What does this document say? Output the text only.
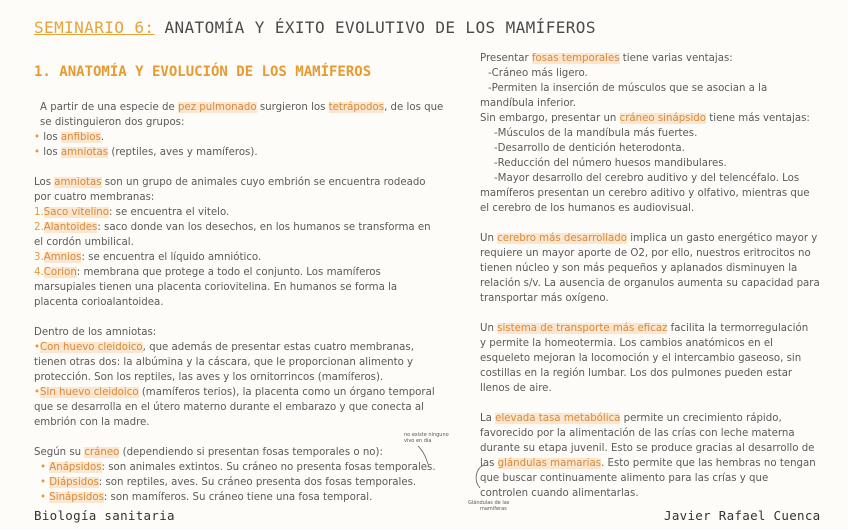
SEMINARIO 6: ANATOMÍA Y ÉXITO EVOLUTIVO DE LOS MAMÍFEROS
1. ANATOMÍA Y EVOLUCIÓN DE LOS MAMÍFEROS

A partir de una especie de pez pulmonado surgieron los tetrápodos, de los que

se distinguieron dos grupos:

• los anfibios.

• los amniotas (reptiles, aves y mamíferos).

Los amniotas son un grupo de animales cuyo embrión se encuentra rodeado

por cuatro membranas:

1.Saco vitelino: se encuentra el vitelo.

2.Alantoides: saco donde van los desechos, en los humanos se transforma en

el cordón umbilical.

3.Amnios: se encuentra el líquido amniótico.

4.Corion: membrana que protege a todo el conjunto. Los mamíferos

marsupiales tienen una placenta coriovitelina. En humanos se forma la

placenta corioalantoidea.

Dentro de los amniotas:

•Con huevo cleidoico, que además de presentar estas cuatro membranas,

tienen otras dos: la albúmina y la cáscara, que le proporcionan alimento y

protección. Son los reptiles, las aves y los ornitorrincos (mamíferos).

•Sin huevo cleidoico (mamíferos terios), la placenta como un órgano temporal

que se desarrolla en el útero materno durante el embarazo y que conecta al

embrión con la madre.

Según su cráneo (dependiendo si presentan fosas temporales o no):

• Anápsidos: son animales extintos. Su cráneo no presenta fosas temporales.

• Diápsidos: son reptiles, aves. Su cráneo presenta dos fosas temporales.

• Sinápsidos: son mamíferos. Su cráneo tiene una fosa temporal.

no existe ninguno
vivo en día

Presentar fosas temporales tiene varias ventajas:

-Cráneo más ligero.

-Permiten la inserción de músculos que se asocian a la

mandíbula inferior.

Sin embargo, presentar un cráneo sinápsido tiene más ventajas:

-Músculos de la mandíbula más fuertes.

-Desarrollo de dentición heterodonta.

-Reducción del número huesos mandibulares.

-Mayor desarrollo del cerebro auditivo y del telencéfalo. Los

mamíferos presentan un cerebro aditivo y olfativo, mientras que

el cerebro de los humanos es audiovisual.

Un cerebro más desarrollado implica un gasto energético mayor y

requiere un mayor aporte de O2, por ello, nuestros eritrocitos no

tienen núcleo y son más pequeños y aplanados disminuyen la

relación s/v. La ausencia de organulos aumenta su capacidad para

transportar más oxígeno.

Un sistema de transporte más eficaz facilita la termorregulación

y permite la homeotermia. Los cambios anatómicos en el

esqueleto mejoran la locomoción y el intercambio gaseoso, sin

costillas en la región lumbar. Los dos pulmones pueden estar

llenos de aire.

La elevada tasa metabólica permite un crecimiento rápido,

favorecido por la alimentación de las crías con leche materna

durante su etapa juvenil. Esto se produce gracias al desarrollo de

las glándulas mamarias. Esto permite que las hembras no tengan

que buscar continuamente alimento para las crías y que

controlen cuando alimentarlas.

Glándulas de las
mamiferas
Biología sanitaria	Javier Rafael Cuenca
